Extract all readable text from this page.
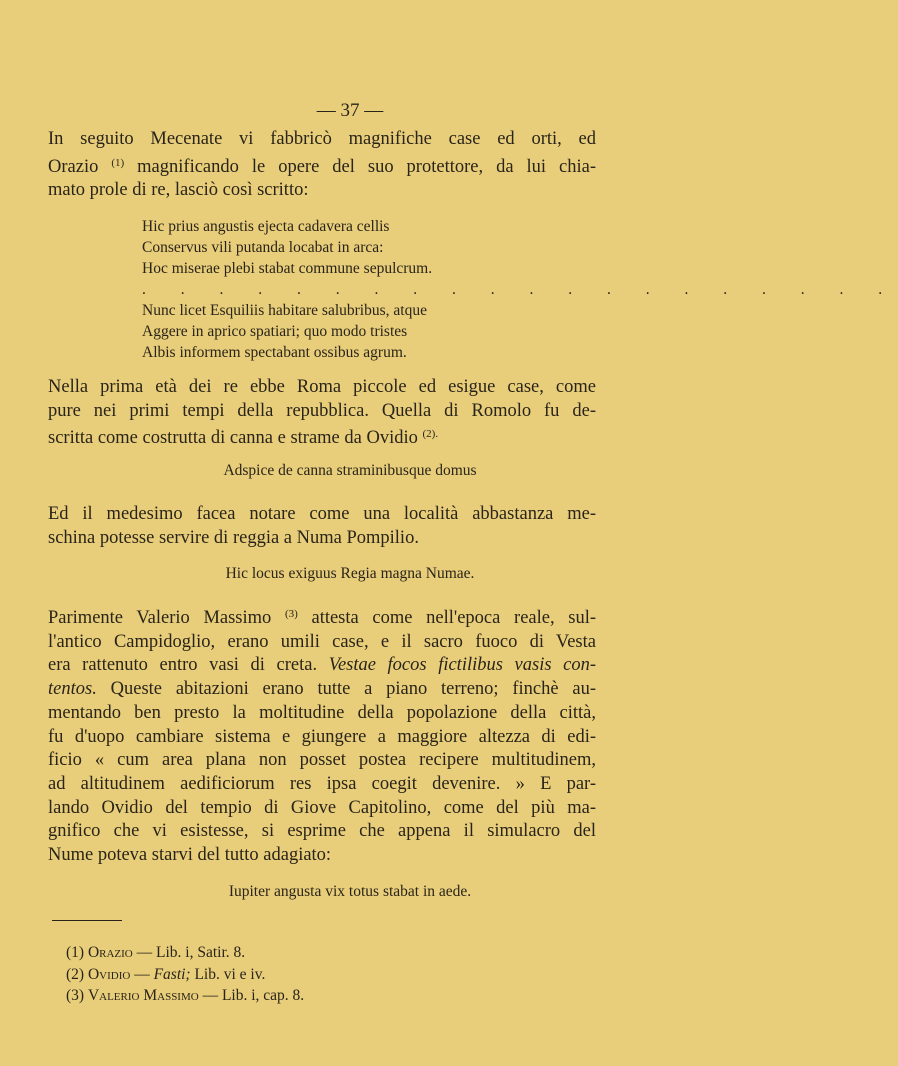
— 37 —

In seguito Mecenate vi fabbricò magnifiche case ed orti, ed
Orazio $^{(1)}$ magnificando le opere del suo protettore, da lui chia-
mato prole di re, lasciò così scritto:

Hic prius angustis ejecta cadavera cellis
Conservus vili putanda locabat in arca:
Hoc miserae plebi stabat commune sepulcrum.
. . . . . . . . . . . . . . . . . . . .
Nunc licet Esquiliis habitare salubribus, atque
Aggere in aprico spatiari; quo modo tristes
Albis informem spectabant ossibus agrum.

Nella prima età dei re ebbe Roma piccole ed esigue case, come
pure nei primi tempi della repubblica. Quella di Romolo fu de-
scritta come costrutta di canna e strame da Ovidio $^{(2).}$

Adspice de canna straminibusque domus

Ed il medesimo facea notare come una località abbastanza me-
schina potesse servire di reggia a Numa Pompilio.

Hic locus exiguus Regia magna Numae.

Parimente Valerio Massimo $^{(3)}$ attesta come nell'epoca reale, sul-
l'antico Campidoglio, erano umili case, e il sacro fuoco di Vesta
era rattenuto entro vasi di creta. Vestae focos fictilibus vasis con-
tentos. Queste abitazioni erano tutte a piano terreno; finchè au-
mentando ben presto la moltitudine della popolazione della città,
fu d'uopo cambiare sistema e giungere a maggiore altezza di edi-
ficio « cum area plana non posset postea recipere multitudinem,
ad altitudinem aedificiorum res ipsa coegit devenire. » E par-
lando Ovidio del tempio di Giove Capitolino, come del più ma-
gnifico che vi esistesse, si esprime che appena il simulacro del
Nume poteva starvi del tutto adagiato:

Iupiter angusta vix totus stabat in aede.
(1) Orazio — Lib. i, Satir. 8.
(2) Ovidio — Fasti; Lib. vi e iv.
(3) Valerio Massimo — Lib. i, cap. 8.
